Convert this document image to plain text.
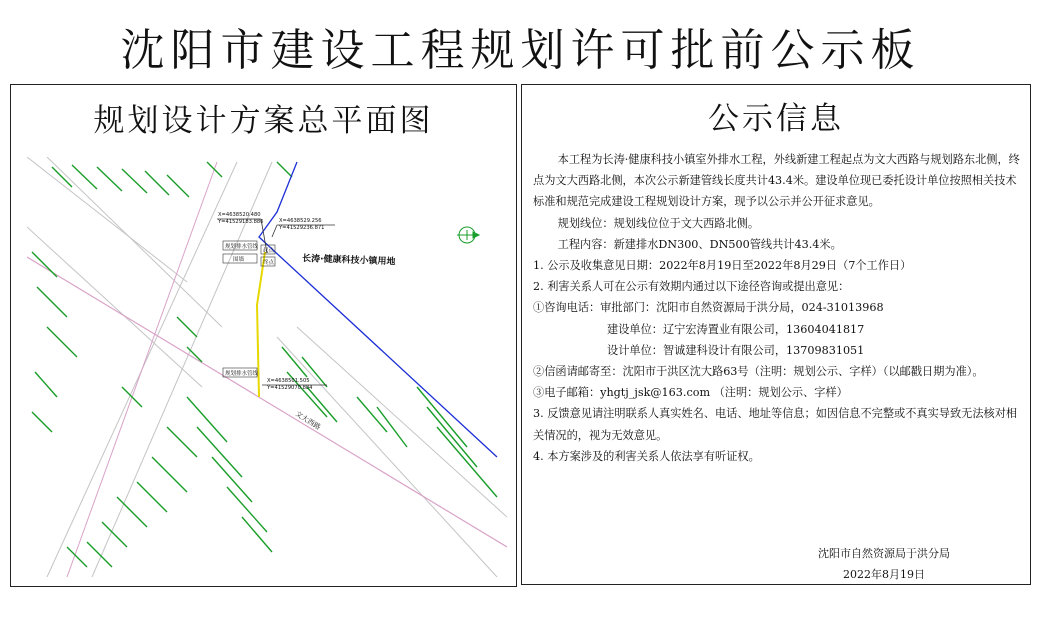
沈阳市建设工程规划许可批前公示板
规划设计方案总平面图
X=4638520.480
Y=41529183.886	X=4638529.256
Y=41529236.871
X=4638501.505
Y=41529070.884
规划排水管线
围墙
起点
终点
规划排水管线
长涛·健康科技小镇用地
文大西路
公示信息
本工程为长涛·健康科技小镇室外排水工程，外线新建工程起点为文大西路与规划路东北侧，终点为文大西路北侧，本次公示新建管线长度共计43.4米。建设单位现已委托设计单位按照相关技术标准和规范完成建设工程规划设计方案，现予以公示并公开征求意见。
规划线位：规划线位位于文大西路北侧。
工程内容：新建排水DN300、DN500管线共计43.4米。
1. 公示及收集意见日期：2022年8月19日至2022年8月29日（7个工作日）
2. 利害关系人可在公示有效期内通过以下途径咨询或提出意见：
①咨询电话：审批部门：沈阳市自然资源局于洪分局，024-31013968
建设单位：辽宁宏涛置业有限公司，13604041817
设计单位：智诚建科设计有限公司，13709831051
②信函请邮寄至：沈阳市于洪区沈大路63号（注明：规划公示、字样）（以邮戳日期为准）。
③电子邮箱：yhgtj_jsk@163.com （注明：规划公示、字样）
3. 反馈意见请注明联系人真实姓名、电话、地址等信息；如因信息不完整或不真实导致无法核对相关情况的，视为无效意见。
4. 本方案涉及的利害关系人依法享有听证权。
沈阳市自然资源局于洪分局
2022年8月19日
